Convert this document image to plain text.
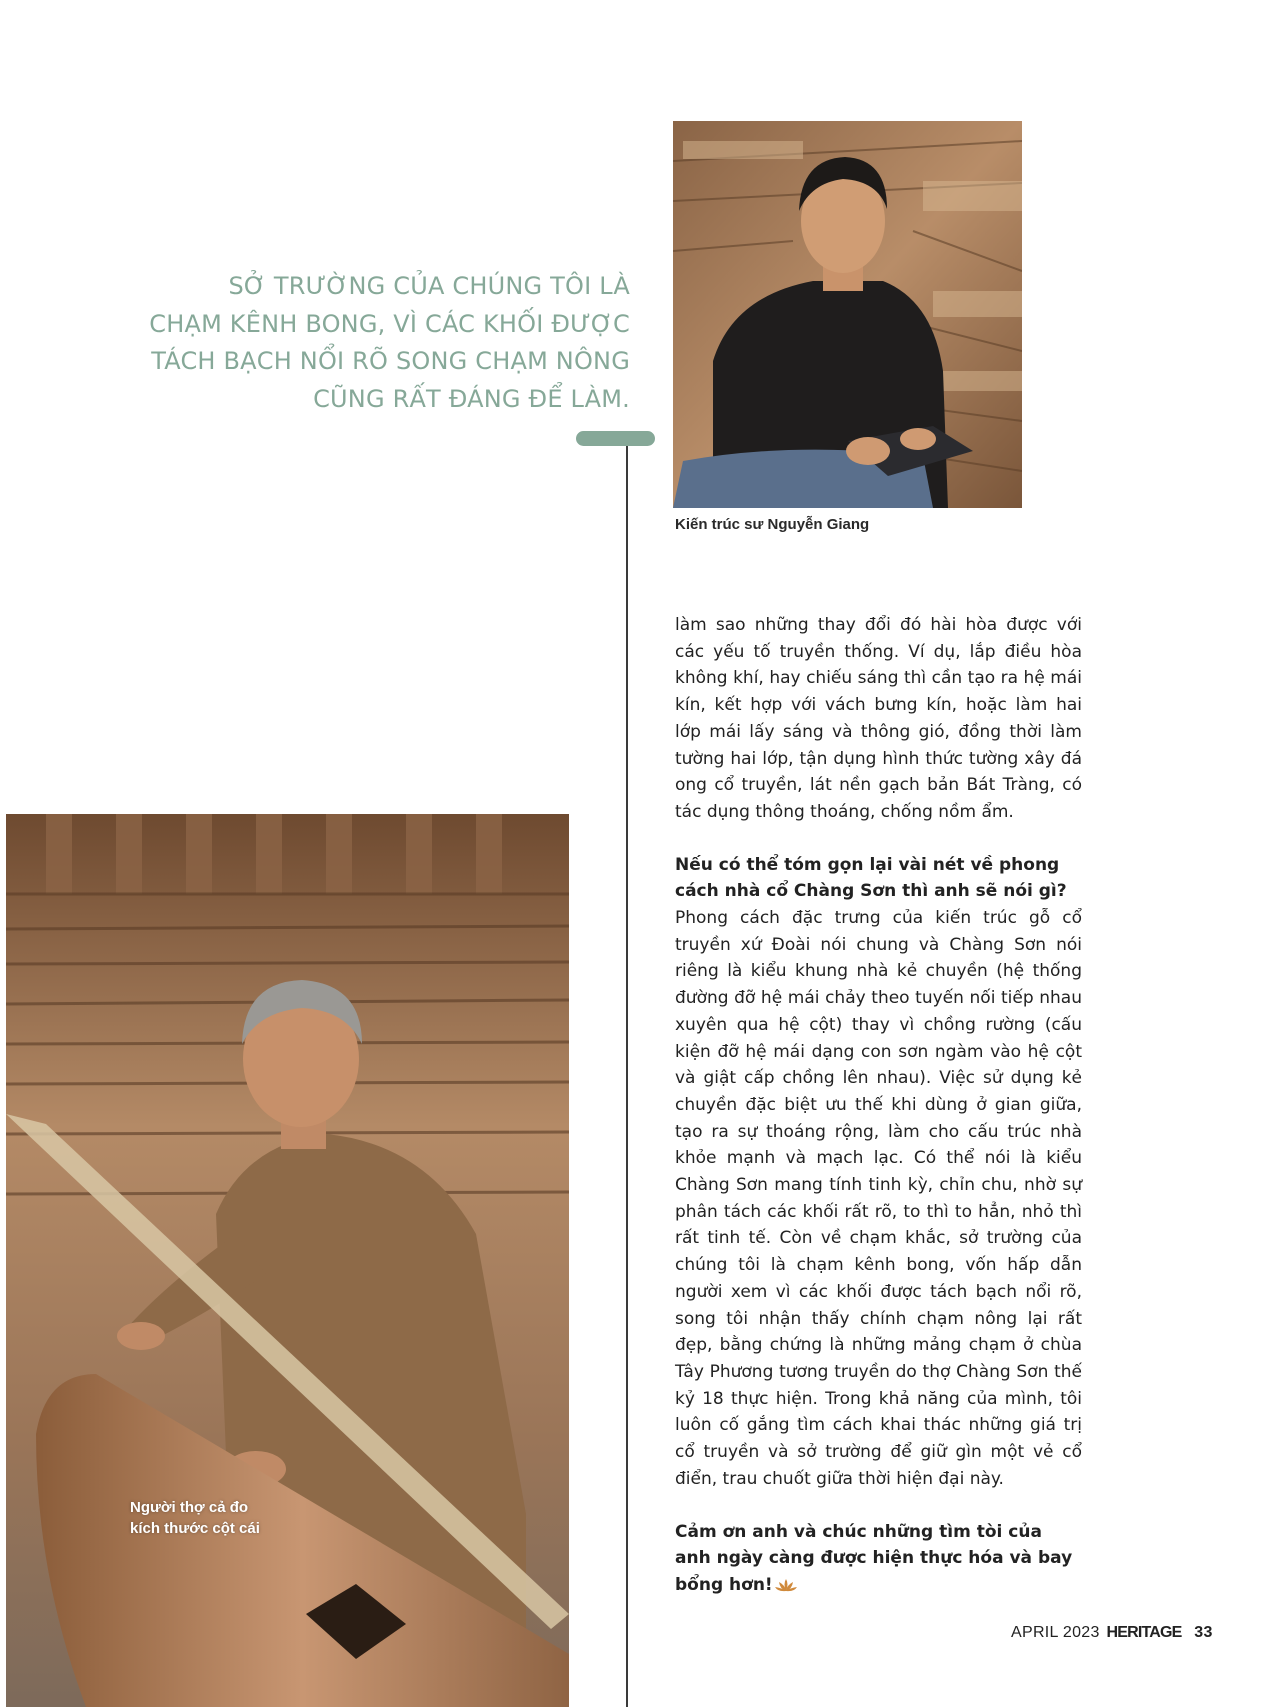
SỞ TRƯỜNG CỦA CHÚNG TÔI LÀ
CHẠM KÊNH BONG, VÌ CÁC KHỐI ĐƯỢC
TÁCH BẠCH NỔI RÕ SONG CHẠM NÔNG
CŨNG RẤT ĐÁNG ĐỂ LÀM.
Kiến trúc sư Nguyễn Giang
Người thợ cả đo
kích thước cột cái

làm sao những thay đổi đó hài hòa được với các yếu tố truyền thống. Ví dụ, lắp điều hòa không khí, hay chiếu sáng thì cần tạo ra hệ mái kín, kết hợp với vách bưng kín, hoặc làm hai lớp mái lấy sáng và thông gió, đồng thời làm tường hai lớp, tận dụng hình thức tường xây đá ong cổ truyền, lát nền gạch bản Bát Tràng, có tác dụng thông thoáng, chống nồm ẩm.

Nếu có thể tóm gọn lại vài nét về phong cách nhà cổ Chàng Sơn thì anh sẽ nói gì?

Phong cách đặc trưng của kiến trúc gỗ cổ truyền xứ Đoài nói chung và Chàng Sơn nói riêng là kiểu khung nhà kẻ chuyền (hệ thống đường đỡ hệ mái chảy theo tuyến nối tiếp nhau xuyên qua hệ cột) thay vì chồng rường (cấu kiện đỡ hệ mái dạng con sơn ngàm vào hệ cột và giật cấp chồng lên nhau). Việc sử dụng kẻ chuyền đặc biệt ưu thế khi dùng ở gian giữa, tạo ra sự thoáng rộng, làm cho cấu trúc nhà khỏe mạnh và mạch lạc. Có thể nói là kiểu Chàng Sơn mang tính tinh kỳ, chỉn chu, nhờ sự phân tách các khối rất rõ, to thì to hẳn, nhỏ thì rất tinh tế. Còn về chạm khắc, sở trường của chúng tôi là chạm kênh bong, vốn hấp dẫn người xem vì các khối được tách bạch nổi rõ, song tôi nhận thấy chính chạm nông lại rất đẹp, bằng chứng là những mảng chạm ở chùa Tây Phương tương truyền do thợ Chàng Sơn thế kỷ 18 thực hiện. Trong khả năng của mình, tôi luôn cố gắng tìm cách khai thác những giá trị cổ truyền và sở trường để giữ gìn một vẻ cổ điển, trau chuốt giữa thời hiện đại này.

Cảm ơn anh và chúc những tìm tòi của anh ngày càng được hiện thực hóa và bay bổng hơn!

APRIL 2023 HERITAGE 33
